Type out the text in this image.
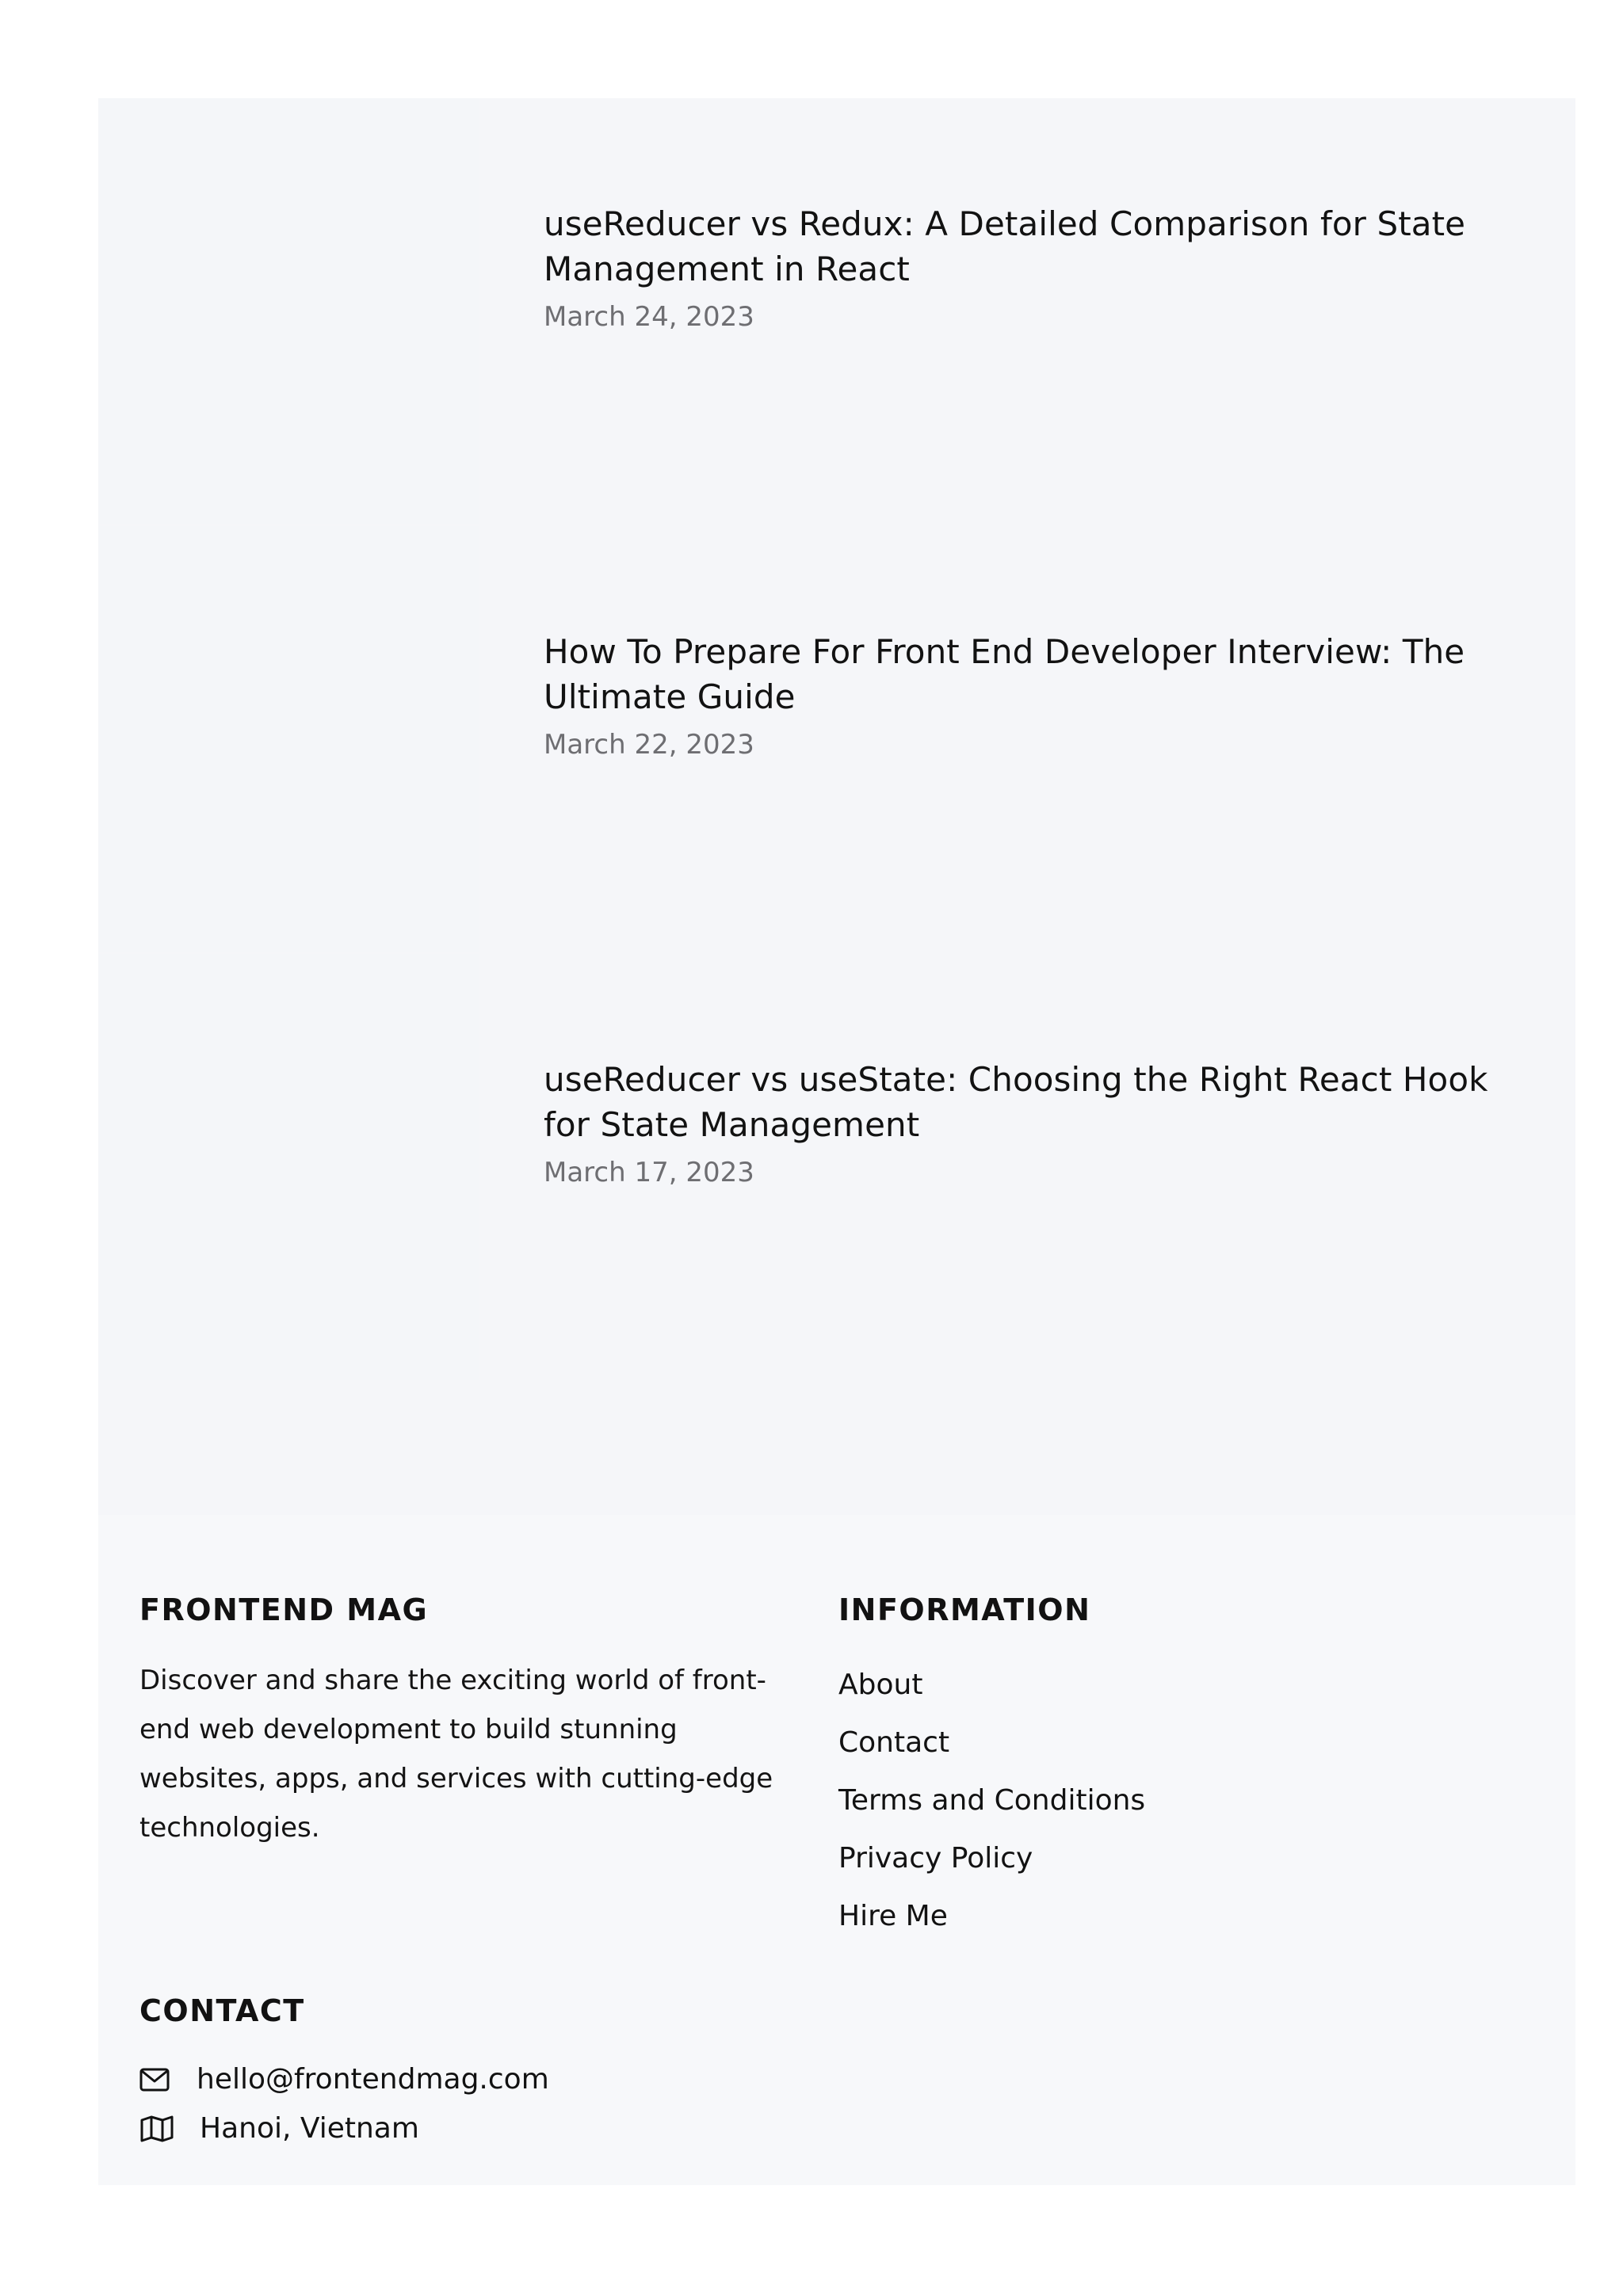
useReducer vs Redux: A Detailed Comparison for State Management in React
March 24, 2023
How To Prepare For Front End Developer Interview: The Ultimate Guide
March 22, 2023
useReducer vs useState: Choosing the Right React Hook for State Management
March 17, 2023
FRONTEND MAG

Discover and share the exciting world of front-end web development to build stunning websites, apps, and services with cutting-edge technologies.

INFORMATION
About
Contact
Terms and Conditions
Privacy Policy
Hire Me
CONTACT
hello@frontendmag.com
Hanoi, Vietnam
